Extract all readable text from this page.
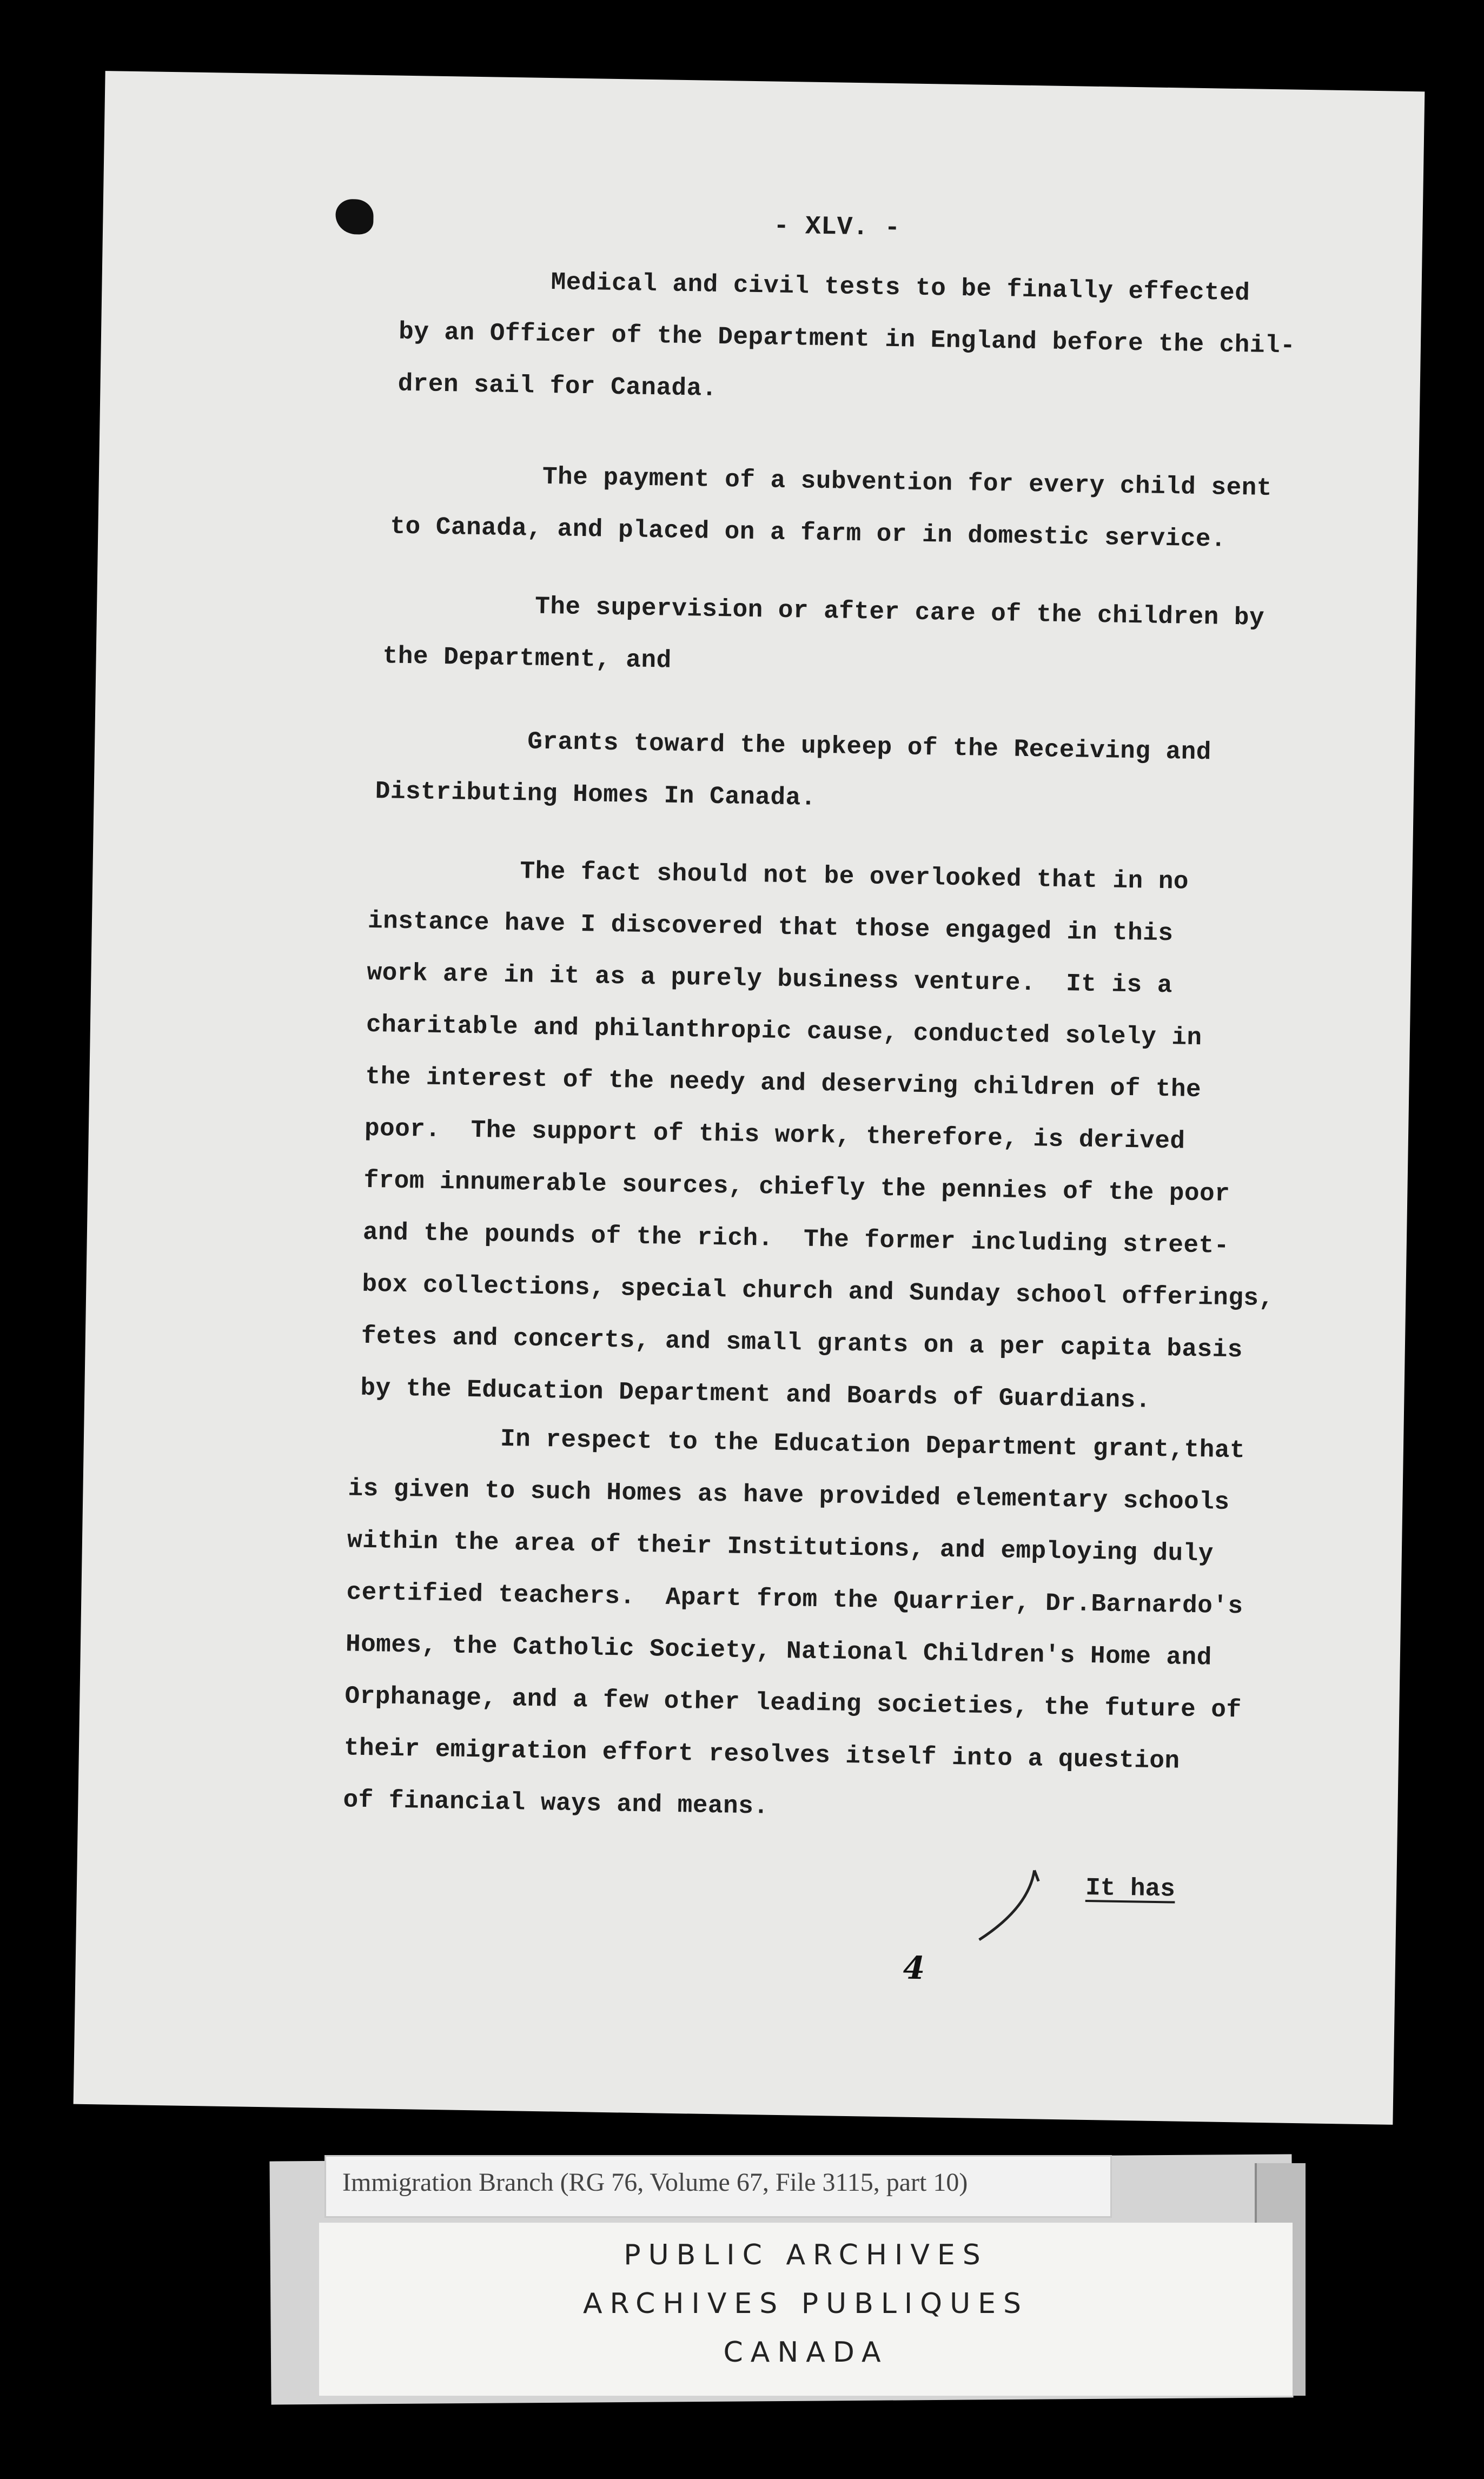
- XLV. -

Medical and civil tests to be finally effected

by an Officer of the Department in England before the chil-

dren sail for Canada.

The payment of a subvention for every child sent

to Canada, and placed on a farm or in domestic service.

The supervision or after care of the children by

the Department, and

Grants toward the upkeep of the Receiving and

Distributing Homes In Canada.

The fact should not be overlooked that in no

instance have I discovered that those engaged in this

work are in it as a purely business venture.  It is a

charitable and philanthropic cause, conducted solely in

the interest of the needy and deserving children of the

poor.  The support of this work, therefore, is derived

from innumerable sources, chiefly the pennies of the poor

and the pounds of the rich.  The former including street-

box collections, special church and Sunday school offerings,

fetes and concerts, and small grants on a per capita basis

by the Education Department and Boards of Guardians.

In respect to the Education Department grant,that

is given to such Homes as have provided elementary schools

within the area of their Institutions, and employing duly

certified teachers.  Apart from the Quarrier, Dr.Barnardo's

Homes, the Catholic Society, National Children's Home and

Orphanage, and a few other leading societies, the future of

their emigration effort resolves itself into a question

of financial ways and means.

It has
4
Immigration Branch (RG 76, Volume 67, File 3115, part 10)
PUBLIC ARCHIVES
ARCHIVES PUBLIQUES
CANADA
